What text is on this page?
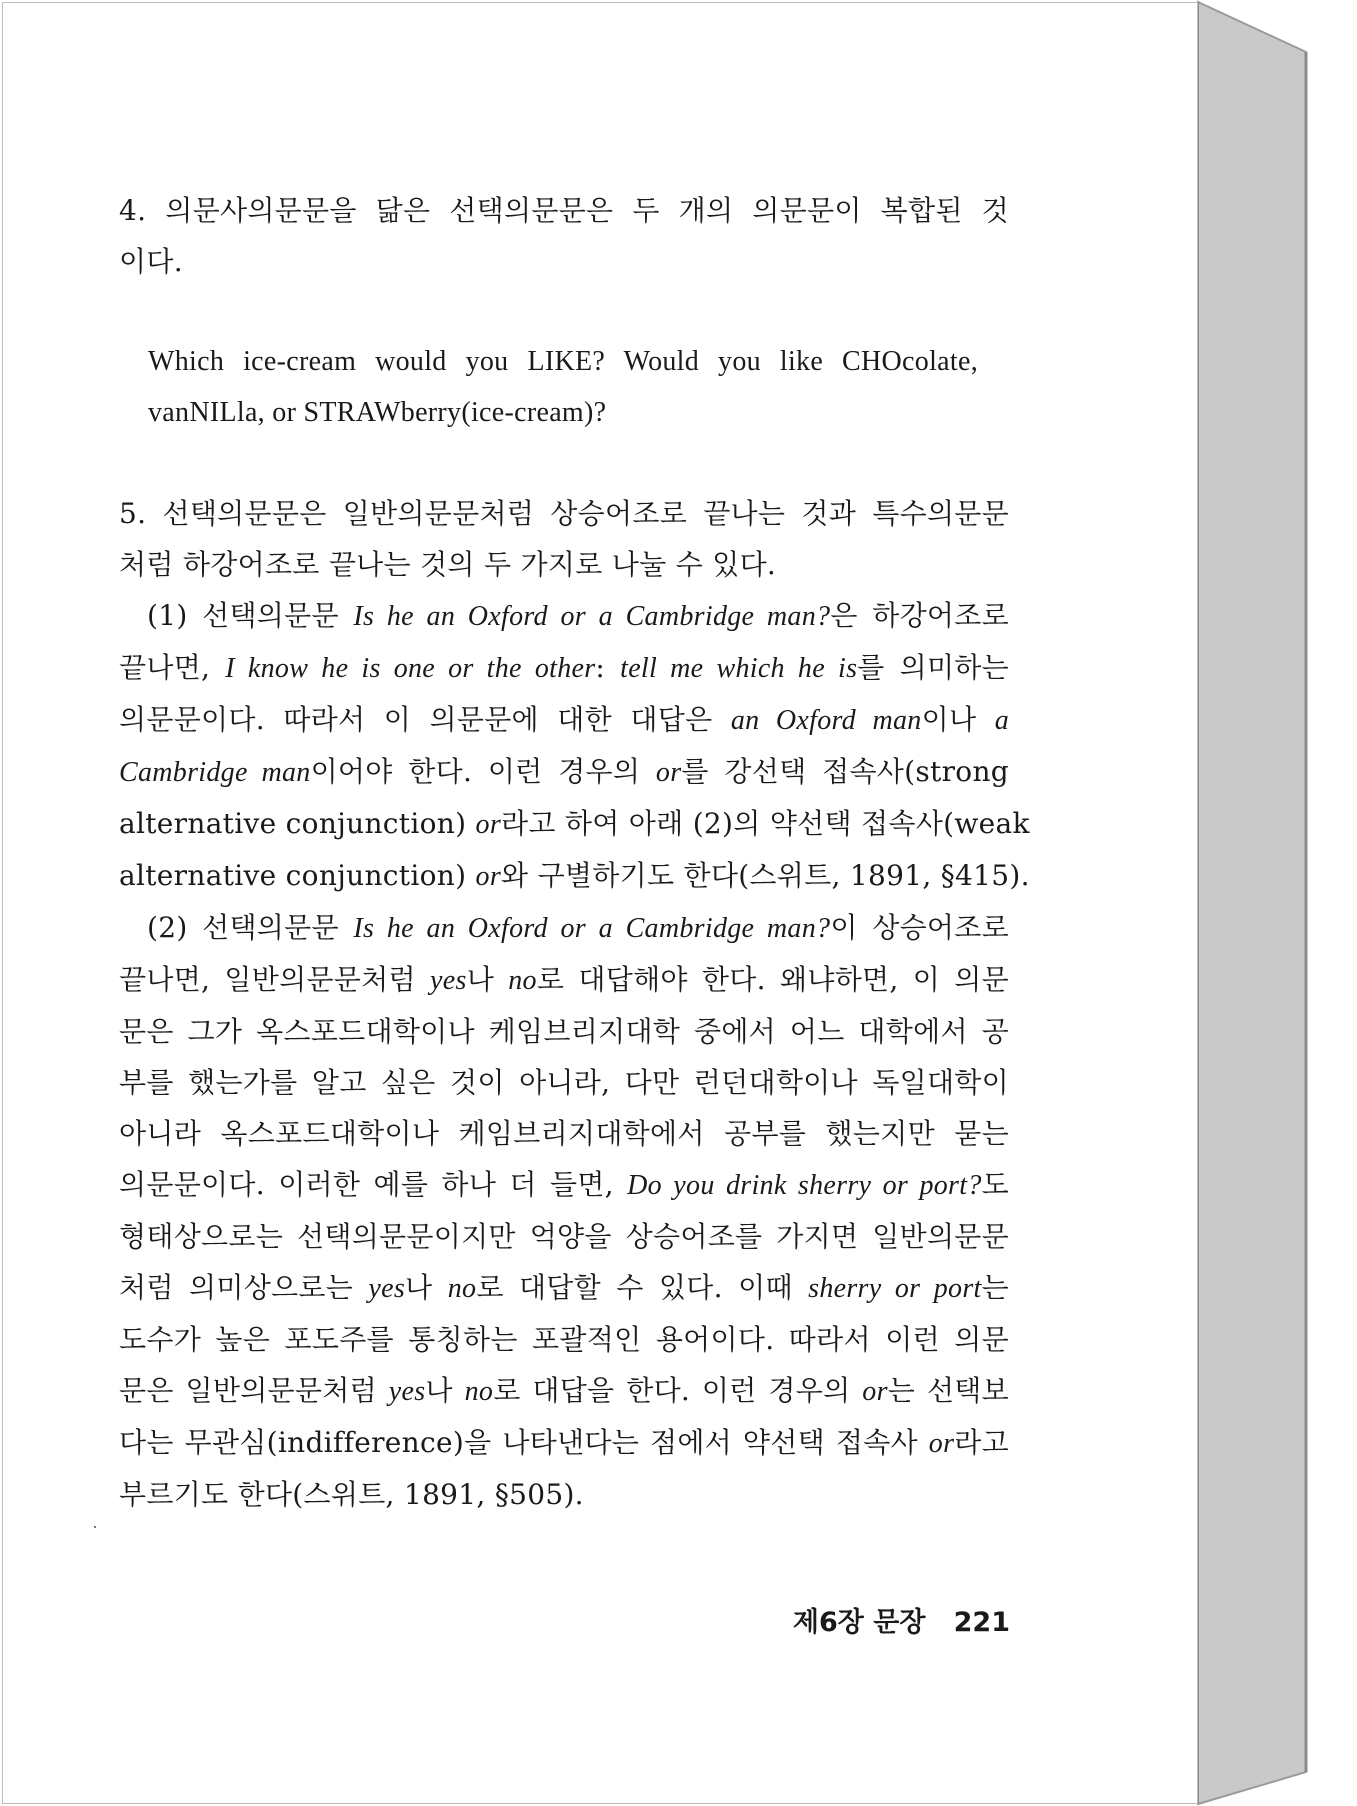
4. 의문사의문문을 닮은 선택의문문은 두 개의 의문문이 복합된 것
이다.
Which ice-cream would you LIKE? Would you like CHOcolate,
vanNILla, or STRAWberry(ice-cream)?
5. 선택의문문은 일반의문문처럼 상승어조로 끝나는 것과 특수의문문
처럼 하강어조로 끝나는 것의 두 가지로 나눌 수 있다.
(1) 선택의문문 Is he an Oxford or a Cambridge man?은 하강어조로
끝나면, I know he is one or the other: tell me which he is를 의미하는
의문문이다. 따라서 이 의문문에 대한 대답은 an Oxford man이나 a
Cambridge man이어야 한다. 이런 경우의 or를 강선택 접속사(strong
alternative conjunction) or라고 하여 아래 (2)의 약선택 접속사(weak
alternative conjunction) or와 구별하기도 한다(스위트, 1891, §415).
(2) 선택의문문 Is he an Oxford or a Cambridge man?이 상승어조로
끝나면, 일반의문문처럼 yes나 no로 대답해야 한다. 왜냐하면, 이 의문
문은 그가 옥스포드대학이나 케임브리지대학 중에서 어느 대학에서 공
부를 했는가를 알고 싶은 것이 아니라, 다만 런던대학이나 독일대학이
아니라 옥스포드대학이나 케임브리지대학에서 공부를 했는지만 묻는
의문문이다. 이러한 예를 하나 더 들면, Do you drink sherry or port?도
형태상으로는 선택의문문이지만 억양을 상승어조를 가지면 일반의문문
처럼 의미상으로는 yes나 no로 대답할 수 있다. 이때 sherry or port는
도수가 높은 포도주를 통칭하는 포괄적인 용어이다. 따라서 이런 의문
문은 일반의문문처럼 yes나 no로 대답을 한다. 이런 경우의 or는 선택보
다는 무관심(indifference)을 나타낸다는 점에서 약선택 접속사 or라고
부르기도 한다(스위트, 1891, §505).
제6장 문장 221
